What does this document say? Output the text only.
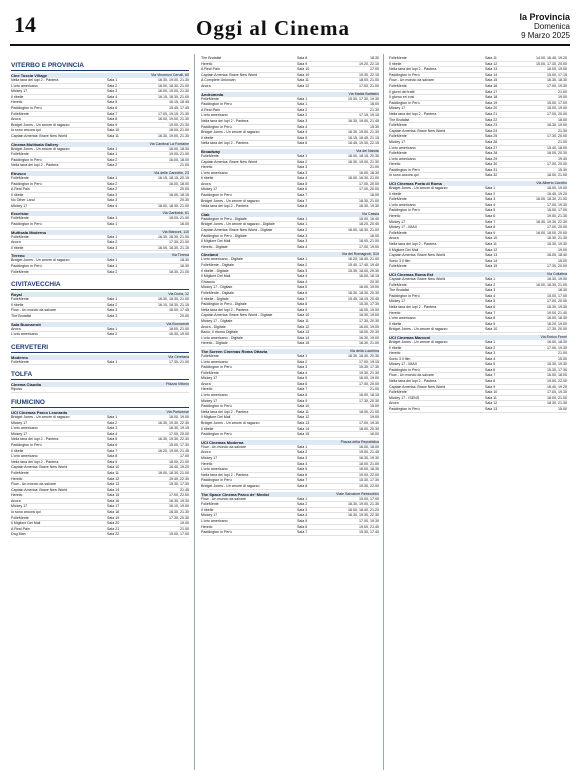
14	Oggi al Cinema	la Provincia
Domenica
9 Marzo 2025
VITERBO E PROVINCIA
Cine Tuscia Village	Via Vincenzo Cerulli, 60
Nella tana dei lupi 2 - Pantera	Sala 1	16.30, 19.00, 21.30
L'orto americano	Sala 2	16.00, 18.30, 21.00
Mickey 17	Sala 3	16.00, 19.00, 21.30
Il ribelle	Sala 4	16.15, 18.30, 21.00
Heretic	Sala 5	16.15, 18.45
Paddington in Perù	Sala 6	15.45, 17.45
FolleMente	Sala 7	17.00, 19.15, 21.30
Anora	Sala 8	16.00, 19.00, 21.30
Bridget Jones - Un amore di ragazzo	Sala 9	19.00, 21.30
Io sono ancora qui	Sala 10	18.00, 21.00
Captain America: Brave New World	Sala 11	16.30, 19.00, 21.30
Cinema Multisala Gallery	Via Cardinal La Fontaine
Bridget Jones - Un amore di ragazzo	Sala 1	16.00, 18.30
FolleMente	Sala 1	19.00, 21.00
Paddington in Perù	Sala 2	16.00, 18.00
Nella tana dei lupi 2 - Pantera	Sala 2	21.00
Etrusco	Via delle Cannelle, 23
FolleMente	Sala 1	16.15, 18.15, 20.15
Paddington in Perù	Sala 2	16.00, 18.00
A Real Pain	Sala 2	20.00
Il ribelle	Sala 3	16.00, 18.15
No Other Land	Sala 3	20.30
Mickey 17	Sala 4	16.00, 18.30, 21.00
Excelsior	Via Garibaldi, 61
FolleMente	Sala 1	18.00, 21.00
Paddington in Perù	Sala 1	16.00
Multisala Moderno	Via Marconi, 110
FolleMente	Sala 1	16.30, 18.30, 21.00
Anora	Sala 2	17.30, 21.00
Il ribelle	Sala 3	16.00, 18.30, 21.15
Tirreno	Via Tirrena
Bridget Jones - Un amore di ragazzo	Sala 1	18.30
Paddington in Perù	Sala 1	16.30
FolleMente	Sala 2	18.30, 21.00
CIVITAVECCHIA
Royal	Via Doria, 12
FolleMente	Sala 1	16.30, 18.30, 21.00
Il ribelle	Sala 2	16.10, 18.30, 21.15
Flow - Un mondo da salvare	Sala 3	16.00, 17.45
The Brutalist	Sala 3	20.00
Sala Buonarroti	Via Buonarroti
Anora	Sala 1	18.00, 21.00
L'orto americano	Sala 2	16.30, 19.00
CERVETERI
Moderno	Via Ceretana
FolleMente	Sala 1	17.30, 21.00
TOLFA
Cinema Claudio	Piazza Vittorio
Riposo
FIUMICINO
UCI Cinemas Parco Leonardo	Via Portuense
Bridget Jones - Un amore di ragazzo	Sala 1	16.00, 19.00
Mickey 17	Sala 2	16.30, 19.30, 22.30
L'orto americano	Sala 3	16.30, 19.15
Mickey 17	Sala 4	17.00, 20.00
Nella tana dei lupi 2 - Pantera	Sala 5	16.30, 19.30, 22.30
Paddington in Perù	Sala 6	15.00, 17.30
Il ribelle	Sala 7	16.20, 19.00, 21.45
L'orto americano	Sala 8	17.00
Nella tana dei lupi 2 - Pantera	Sala 9	18.00, 21.00
Captain America: Brave New World	Sala 10	16.40, 19.20
FolleMente	Sala 11	16.00, 18.30, 21.00
Heretic	Sala 12	19.40, 22.30
Flow - Un mondo da salvare	Sala 13	15.30, 17.30
Captain America: Brave New World	Sala 14	21.45
Heretic	Sala 15	17.00, 22.00
Anora	Sala 16	16.30, 19.30
Mickey 17	Sala 17	16.10, 19.00
Io sono ancora qui	Sala 18	18.30, 21.30
FolleMente	Sala 19	17.30, 20.30
Il Migliore Dei Mali	Sala 20	19.00
A Real Pain	Sala 21	21.00
Dog Man	Sala 22	15.00, 17.00
The Brutalist	Sala 8	18.30
Heretic	Sala 9	19.20, 22.10
A Real Pain	Sala 10	17.00
Captain America: Brave New World	Sala 10	19.30, 22.15
A Complete Unknown	Sala 11	18.00, 21.00
Anora	Sala 12	17.00, 21.00
Andromeda	Via Mattia Battistini
FolleMente	Sala 1	15.30, 17.30, 19.30
Paddington in Perù	Sala 1	16.00
A Real Pain	Sala 2	21.30
L'orto americano	Sala 2	17.15, 19.15
Nella tana dei lupi 2 - Pantera	Sala 3	16.30, 19.00, 21.45
Paddington in Perù	Sala 4	15.30
Bridget Jones - Un amore di ragazzo	Sala 4	16.30, 19.00, 21.30
Il ribelle	Sala 5	16.15, 18.45, 21.15
Nella tana dei lupi 2 - Pantera	Sala 6	16.45, 19.30, 22.15
Broadway	Via dei Narcisi
FolleMente	Sala 1	16.00, 18.15, 20.30
Captain America: Brave New World	Sala 2	16.30, 19.00, 21.30
Heretic	Sala 3	21.00
L'orto americano	Sala 3	16.00, 18.30
Il ribelle	Sala 4	16.00, 18.30, 21.00
Anora	Sala 5	17.00, 20.00
Mickey 17	Sala 6	17.00, 20.00
Paddington in Perù	Sala 7	16.00
Bridget Jones - Un amore di ragazzo	Sala 7	18.30, 21.00
Nella tana dei lupi 2 - Pantera	Sala 8	16.30, 19.30
Ciak	Via Cassia
Paddington in Perù - Digitale	Sala 1	15.00, 16.40
Bridget Jones - Un amore di ragazzo - Digitale	Sala 1	18.20, 20.40
Captain America: Brave New World - Digitale	Sala 2	16.00, 18.30, 21.00
Paddington in Perù - Digitale	Sala 3	16.00
Il Migliore Dei Mali	Sala 3	18.00, 21.00
Heretic - Digitale	Sala 4	17.00, 19.00
Cineland	Via dei Romagnoli, 515
L'orto americano - Digitale	Sala 1	16.20, 18.40, 21.00
FolleMente - Digitale	Sala 2	15.40, 17.40, 19.40
Il ribelle - Digitale	Sala 3	15.30, 18.00, 20.30
Il Migliore Dei Mali	Sala 4	16.00, 18.15
Ghiaccio	Sala 4	20.30
Mickey 17 - Digitale	Sala 5	16.00, 19.00
FolleMente - Digitale	Sala 6	16.30, 18.30, 20.30
Il ribelle - Digitale	Sala 7	15.45, 18.15, 20.45
Paddington in Perù - Digitale	Sala 8	15.30, 17.30
Nella tana dei lupi 2 - Pantera	Sala 9	16.00, 19.00
Captain America: Brave New World - Digitale	Sala 10	16.30, 19.00
Mickey 17 - Digitale	Sala 11	17.30, 20.30
Anora - Digitale	Sala 12	16.00, 19.00
Bacio, Il ritorno Digitale	Sala 13	18.00, 20.30
L'orto americano - Digitale	Sala 14	16.30, 19.00
Heretic - Digitale	Sala 15	18.30, 21.00
The Screen Cinemas Roma Ottavia	Via della Lucchina
FolleMente	Sala 1	16.30, 18.30, 20.30
L'orto americano	Sala 2	17.00, 19.15
Paddington in Perù	Sala 3	15.30, 17.30
FolleMente	Sala 4	19.30, 21.30
Mickey 17	Sala 5	16.00, 19.00
Anora	Sala 6	17.00, 20.00
Heretic	Sala 7	21.00
L'orto americano	Sala 8	16.00, 18.15
Mickey 17	Sala 9	17.30, 20.30
Paddington in Perù	Sala 10	15.00
Nella tana dei lupi 2 - Pantera	Sala 11	18.00, 21.00
Il Migliore Dei Mali	Sala 12	19.00
Bridget Jones - Un amore di ragazzo	Sala 13	17.00, 19.30
Il ribelle	Sala 14	18.00, 20.30
Paddington in Perù	Sala 15	16.00
UCI Cinemas Moderna	Piazza della Repubblica
Flow - Un mondo da salvare	Sala 1	16.00, 18.00
Anora	Sala 2	19.00, 21.45
Mickey 17	Sala 3	16.30, 19.30
Heretic	Sala 4	18.00, 21.00
L'orto americano	Sala 5	16.00, 18.30
Nella tana dei lupi 2 - Pantera	Sala 6	19.00, 22.00
Paddington in Perù	Sala 7	15.30, 17.30
Bridget Jones - Un amore di ragazzo	Sala 8	19.30, 22.00
The Space Cinema Parco de' Medici	Viale Salvatore Rebecchini
Flow - Un mondo da salvare	Sala 1	15.00, 17.00
FolleMente	Sala 2	16.30, 19.00, 21.30
Il ribelle	Sala 3	16.00, 18.40, 21.20
Mickey 17	Sala 4	16.30, 19.30, 22.30
L'orto americano	Sala 5	17.00, 19.30
Heretic	Sala 6	19.00, 21.40
Paddington in Perù	Sala 7	15.30, 17.40
FolleMente	Sala 11	14.00, 16.40, 19.20
Il ribelle	Sala 12	15.00, 17.30, 20.00
Nella tana dei lupi 2 - Pantera	Sala 13	16.00, 19.00
Paddington in Perù	Sala 14	15.00, 17.15
Flow - Un mondo da salvare	Sala 15	16.30, 18.30
FolleMente	Sala 16	17.00, 19.30
Il giorni dei tratti	Sala 17	21.00
Il giorno eri così	Sala 18	19.00
Paddington in Perù	Sala 19	15.00, 17.00
Mickey 17	Sala 20	16.00, 19.00
Nella tana dei lupi 2 - Pantera	Sala 21	17.00, 20.00
The Brutalist	Sala 22	18.00
FolleMente	Sala 23	16.30, 19.00
Captain America: Brave New World	Sala 24	21.30
FolleMente	Sala 25	17.30, 20.00
Mickey 17	Sala 26	21.00
L'orto americano	Sala 27	15.40, 18.00
FolleMente	Sala 28	16.00, 20.30
L'orto americano	Sala 29	19.40
Heretic	Sala 30	17.00, 20.00
Paddington in Perù	Sala 31	15.30
Io sono ancora qui	Sala 32	18.00, 21.00
UCI Cinemas Porta di Roma	Via Alberto Lionello
Bridget Jones - Un amore di ragazzo	Sala 1	16.00, 19.00
Il ribelle	Sala 2	16.40, 19.20
FolleMente	Sala 3	16.00, 18.30, 21.00
L'orto americano	Sala 4	17.00, 19.30
Paddington in Perù	Sala 5	15.00, 17.00
Heretic	Sala 6	19.00, 21.30
Mickey 17	Sala 7	16.30, 19.30, 22.30
Mickey 17 - IMAX	Sala 8	17.00, 20.00
FolleMente	Sala 9	16.00, 18.00, 20.00
Anora	Sala 10	18.30, 21.30
Nella tana dei lupi 2 - Pantera	Sala 11	16.30, 19.30
Il Migliore Dei Mali	Sala 12	19.00
Captain America: Brave New World	Sala 13	16.00, 18.40
Sonic 3 Il film	Sala 14	15.00
FolleMente	Sala 15	17.30, 20.00
UCI Cinemas Roma Est	Via Collatina
Captain America: Brave New World	Sala 1	16.30, 19.00
FolleMente	Sala 2	16.00, 18.30, 21.00
The Brutalist	Sala 3	18.30
Paddington in Perù	Sala 4	15.00, 17.00
Mickey 17	Sala 5	17.00, 20.00
Nella tana dei lupi 2 - Pantera	Sala 6	16.30, 19.30
Heretic	Sala 7	19.00, 21.40
L'orto americano	Sala 8	16.00, 18.30
Il ribelle	Sala 9	16.20, 19.00
Bridget Jones - Un amore di ragazzo	Sala 10	17.30, 20.00
UCI Cinemas Marconi	Via Enrico Fermi
Bridget Jones - Un amore di ragazzo	Sala 1	16.00, 18.30
Il ribelle	Sala 2	17.00, 19.30
Heretic	Sala 3	21.00
Sonic 3 Il film	Sala 4	15.00
Mickey 17 - IMAX	Sala 5	16.30, 19.30
Paddington in Perù	Sala 6	15.30, 17.30
Flow - Un mondo da salvare	Sala 7	16.00, 18.00
Nella tana dei lupi 2 - Pantera	Sala 8	19.00, 22.00
Captain America: Brave New World	Sala 9	16.40, 19.20
FolleMente	Sala 10	17.00, 19.30
Mickey 17 - ISENS	Sala 11	18.00, 21.00
Anora	Sala 12	18.30, 21.30
Paddington in Perù	Sala 13	15.00
